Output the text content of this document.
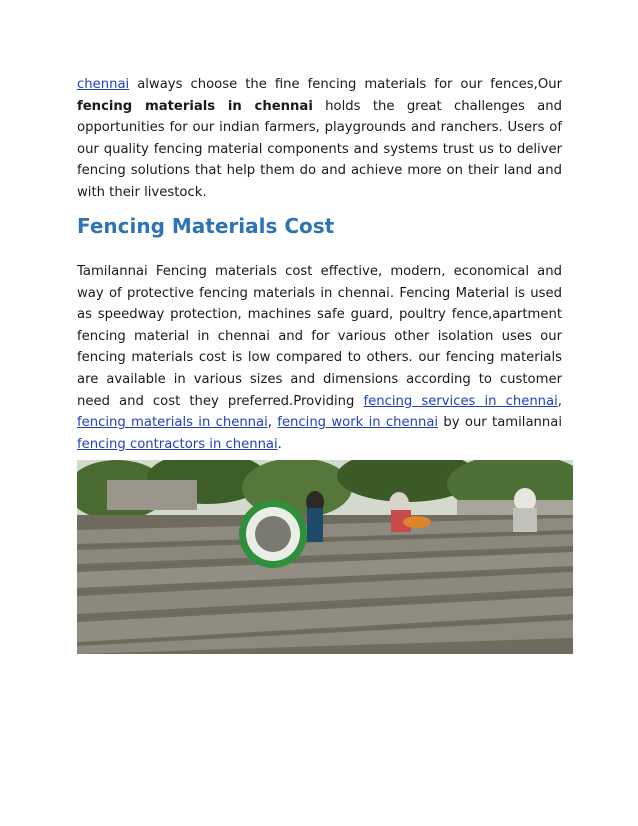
chennai always choose the fine fencing materials for our fences,Our fencing materials in chennai holds the great challenges and opportunities for our indian farmers, playgrounds and ranchers. Users of our quality fencing material components and systems trust us to deliver fencing solutions that help them do and achieve more on their land and with their livestock.

Fencing Materials Cost

Tamilannai Fencing materials cost effective, modern, economical and way of protective fencing materials in chennai. Fencing Material is used as speedway protection, machines safe guard, poultry fence,apartment fencing material in chennai and for various other isolation uses our fencing materials cost is low compared to others. our fencing materials are available in various sizes and dimensions according to customer need and cost they preferred.Providing fencing services in chennai, fencing materials in chennai, fencing work in chennai by our tamilannai fencing contractors in chennai.
